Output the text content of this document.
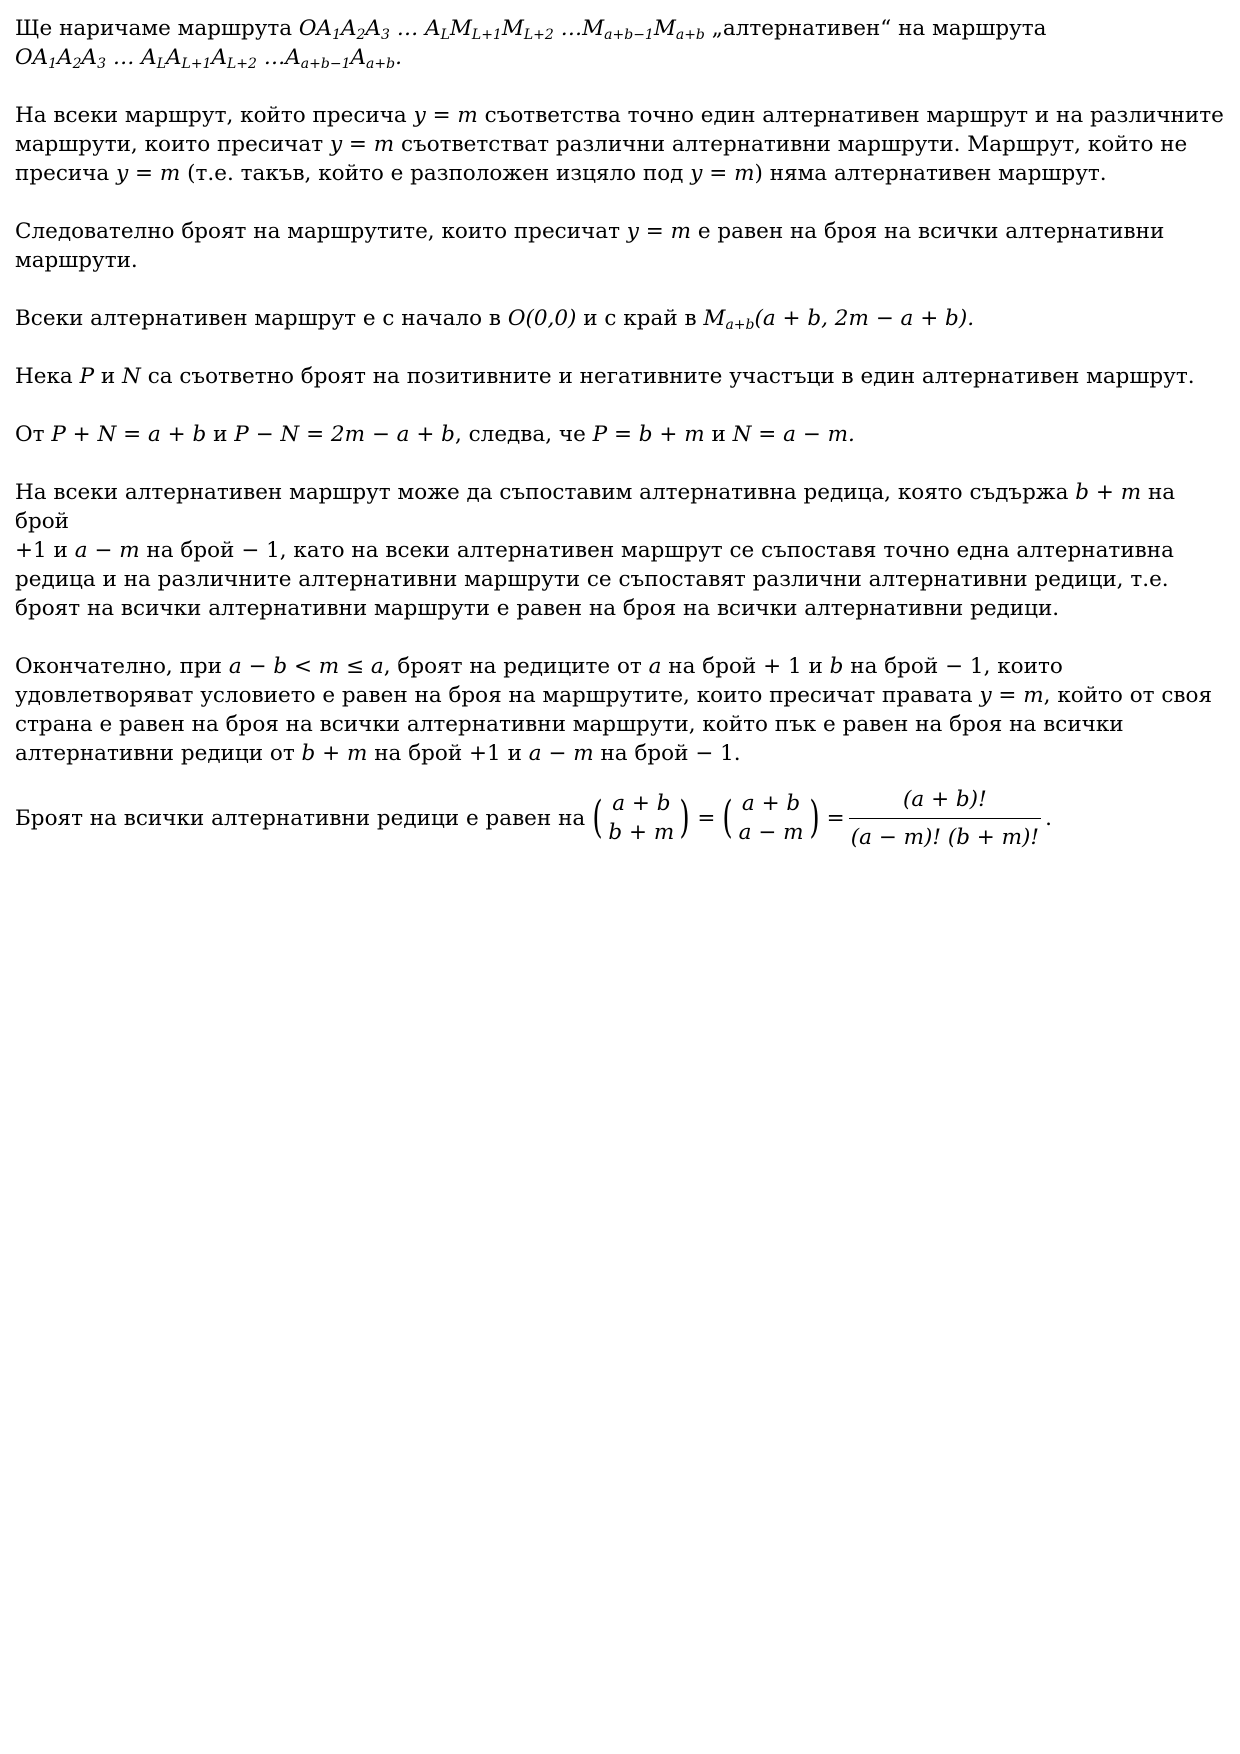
Ще наричаме маршрута $OA_1A_2A_3$ … $A_LM_{L+1}M_{L+2}$ $\dots M_{a+b-1}M_{a+b}$ „алтернативен“ на маршрута
$OA_1A_2A_3$ … $A_LA_{L+1}A_{L+2}$ $\dots A_{a+b-1}A_{a+b}$.

На всеки маршрут, който пресича y = m съответства точно един алтернативен маршрут и на различните
маршрути, които пресичат y = m съответстват различни алтернативни маршрути. Маршрут, който не
пресича y = m (т.е. такъв, който е разположен изцяло под y = m) няма алтернативен маршрут.

Следователно броят на маршрутите, които пресичат y = m е равен на броя на всички алтернативни
маршрути.

Всеки алтернативен маршрут е с начало в O(0,0) и с край в $M_{a+b}(a + b$, 2m − a + b).

Нека P и N са съответно броят на позитивните и негативните участъци в един алтернативен маршрут.

От P + N = a + b и P − N = 2m − a + b, следва, че P = b + m и N = a − m.

На всеки алтернативен маршрут може да съпоставим алтернативна редица, която съдържа b + m на брой
+1 и a − m на брой − 1, като на всеки алтернативен маршрут се съпоставя точно една алтернативна
редица и на различните алтернативни маршрути се съпоставят различни алтернативни редици, т.е.
броят на всички алтернативни маршрути е равен на броя на всички алтернативни редици.

Окончателно, при a − b < m ≤ a, броят на редиците от a на брой + 1 и b на брой − 1, които
удовлетворяват условието е равен на броя на маршрутите, които пресичат правата y = m, който от своя
страна е равен на броя на всички алтернативни маршрути, който пък е равен на броя на всички
алтернативни редици от b + m на брой +1 и a − m на брой − 1.

Броят на всички алтернативни редици е равен на ( a + b
b + m ) = ( a + b
a − m ) = $\frac{(a + b)!}{(a - m)! (b + m)!}$ .
